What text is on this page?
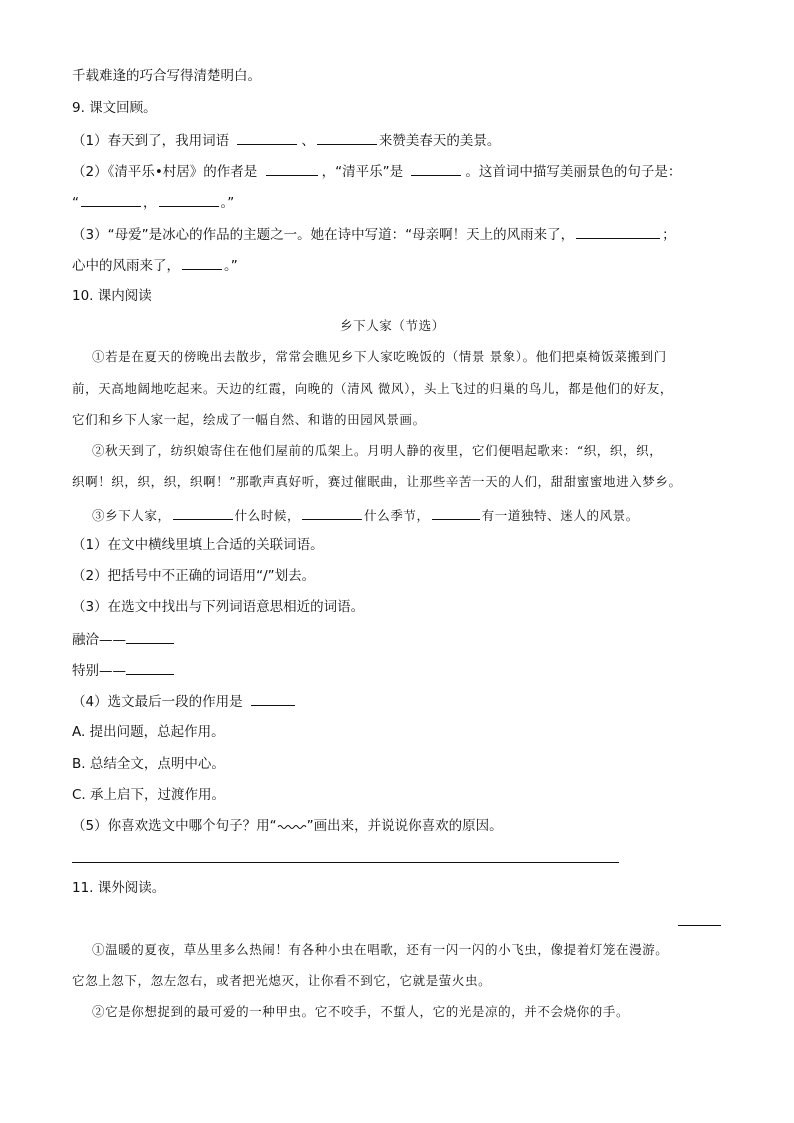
千载难逢的巧合写得清楚明白。
9. 课文回顾。
（1）春天到了，我用词语	、	来赞美春天的美景。
（2）《清平乐•村居》的作者是	，“清平乐”是	。这首词中描写美丽景色的句子是：
“	，	。”
（3）“母爱”是冰心的作品的主题之一。她在诗中写道：“母亲啊！天上的风雨来了，	；
心中的风雨来了，	。”
10. 课内阅读
乡下人家（节选）
①若是在夏天的傍晚出去散步，常常会瞧见乡下人家吃晚饭的（情景 景象）。他们把桌椅饭菜搬到门
前，天高地阔地吃起来。天边的红霞，向晚的（清风 微风），头上飞过的归巢的鸟儿，都是他们的好友，
它们和乡下人家一起，绘成了一幅自然、和谐的田园风景画。
②秋天到了，纺织娘寄住在他们屋前的瓜架上。月明人静的夜里，它们便唱起歌来：“织，织，织，
织啊！织，织，织，织啊！”那歌声真好听，赛过催眠曲，让那些辛苦一天的人们，甜甜蜜蜜地进入梦乡。
③乡下人家，	什么时候，	什么季节，	有一道独特、迷人的风景。
（1）在文中横线里填上合适的关联词语。
（2）把括号中不正确的词语用“/”划去。
（3）在选文中找出与下列词语意思相近的词语。
融洽——
特别——
（4）选文最后一段的作用是
A. 提出问题，总起作用。
B. 总结全文，点明中心。
C. 承上启下，过渡作用。
（5）你喜欢选文中哪个句子？用“ ”画出来，并说说你喜欢的原因。
11. 课外阅读。
①温暖的夏夜，草丛里多么热闹！有各种小虫在唱歌，还有一闪一闪的小飞虫，像提着灯笼在漫游。
它忽上忽下，忽左忽右，或者把光熄灭，让你看不到它，它就是萤火虫。
②它是你想捉到的最可爱的一种甲虫。它不咬手，不蜇人，它的光是凉的，并不会烧你的手。
